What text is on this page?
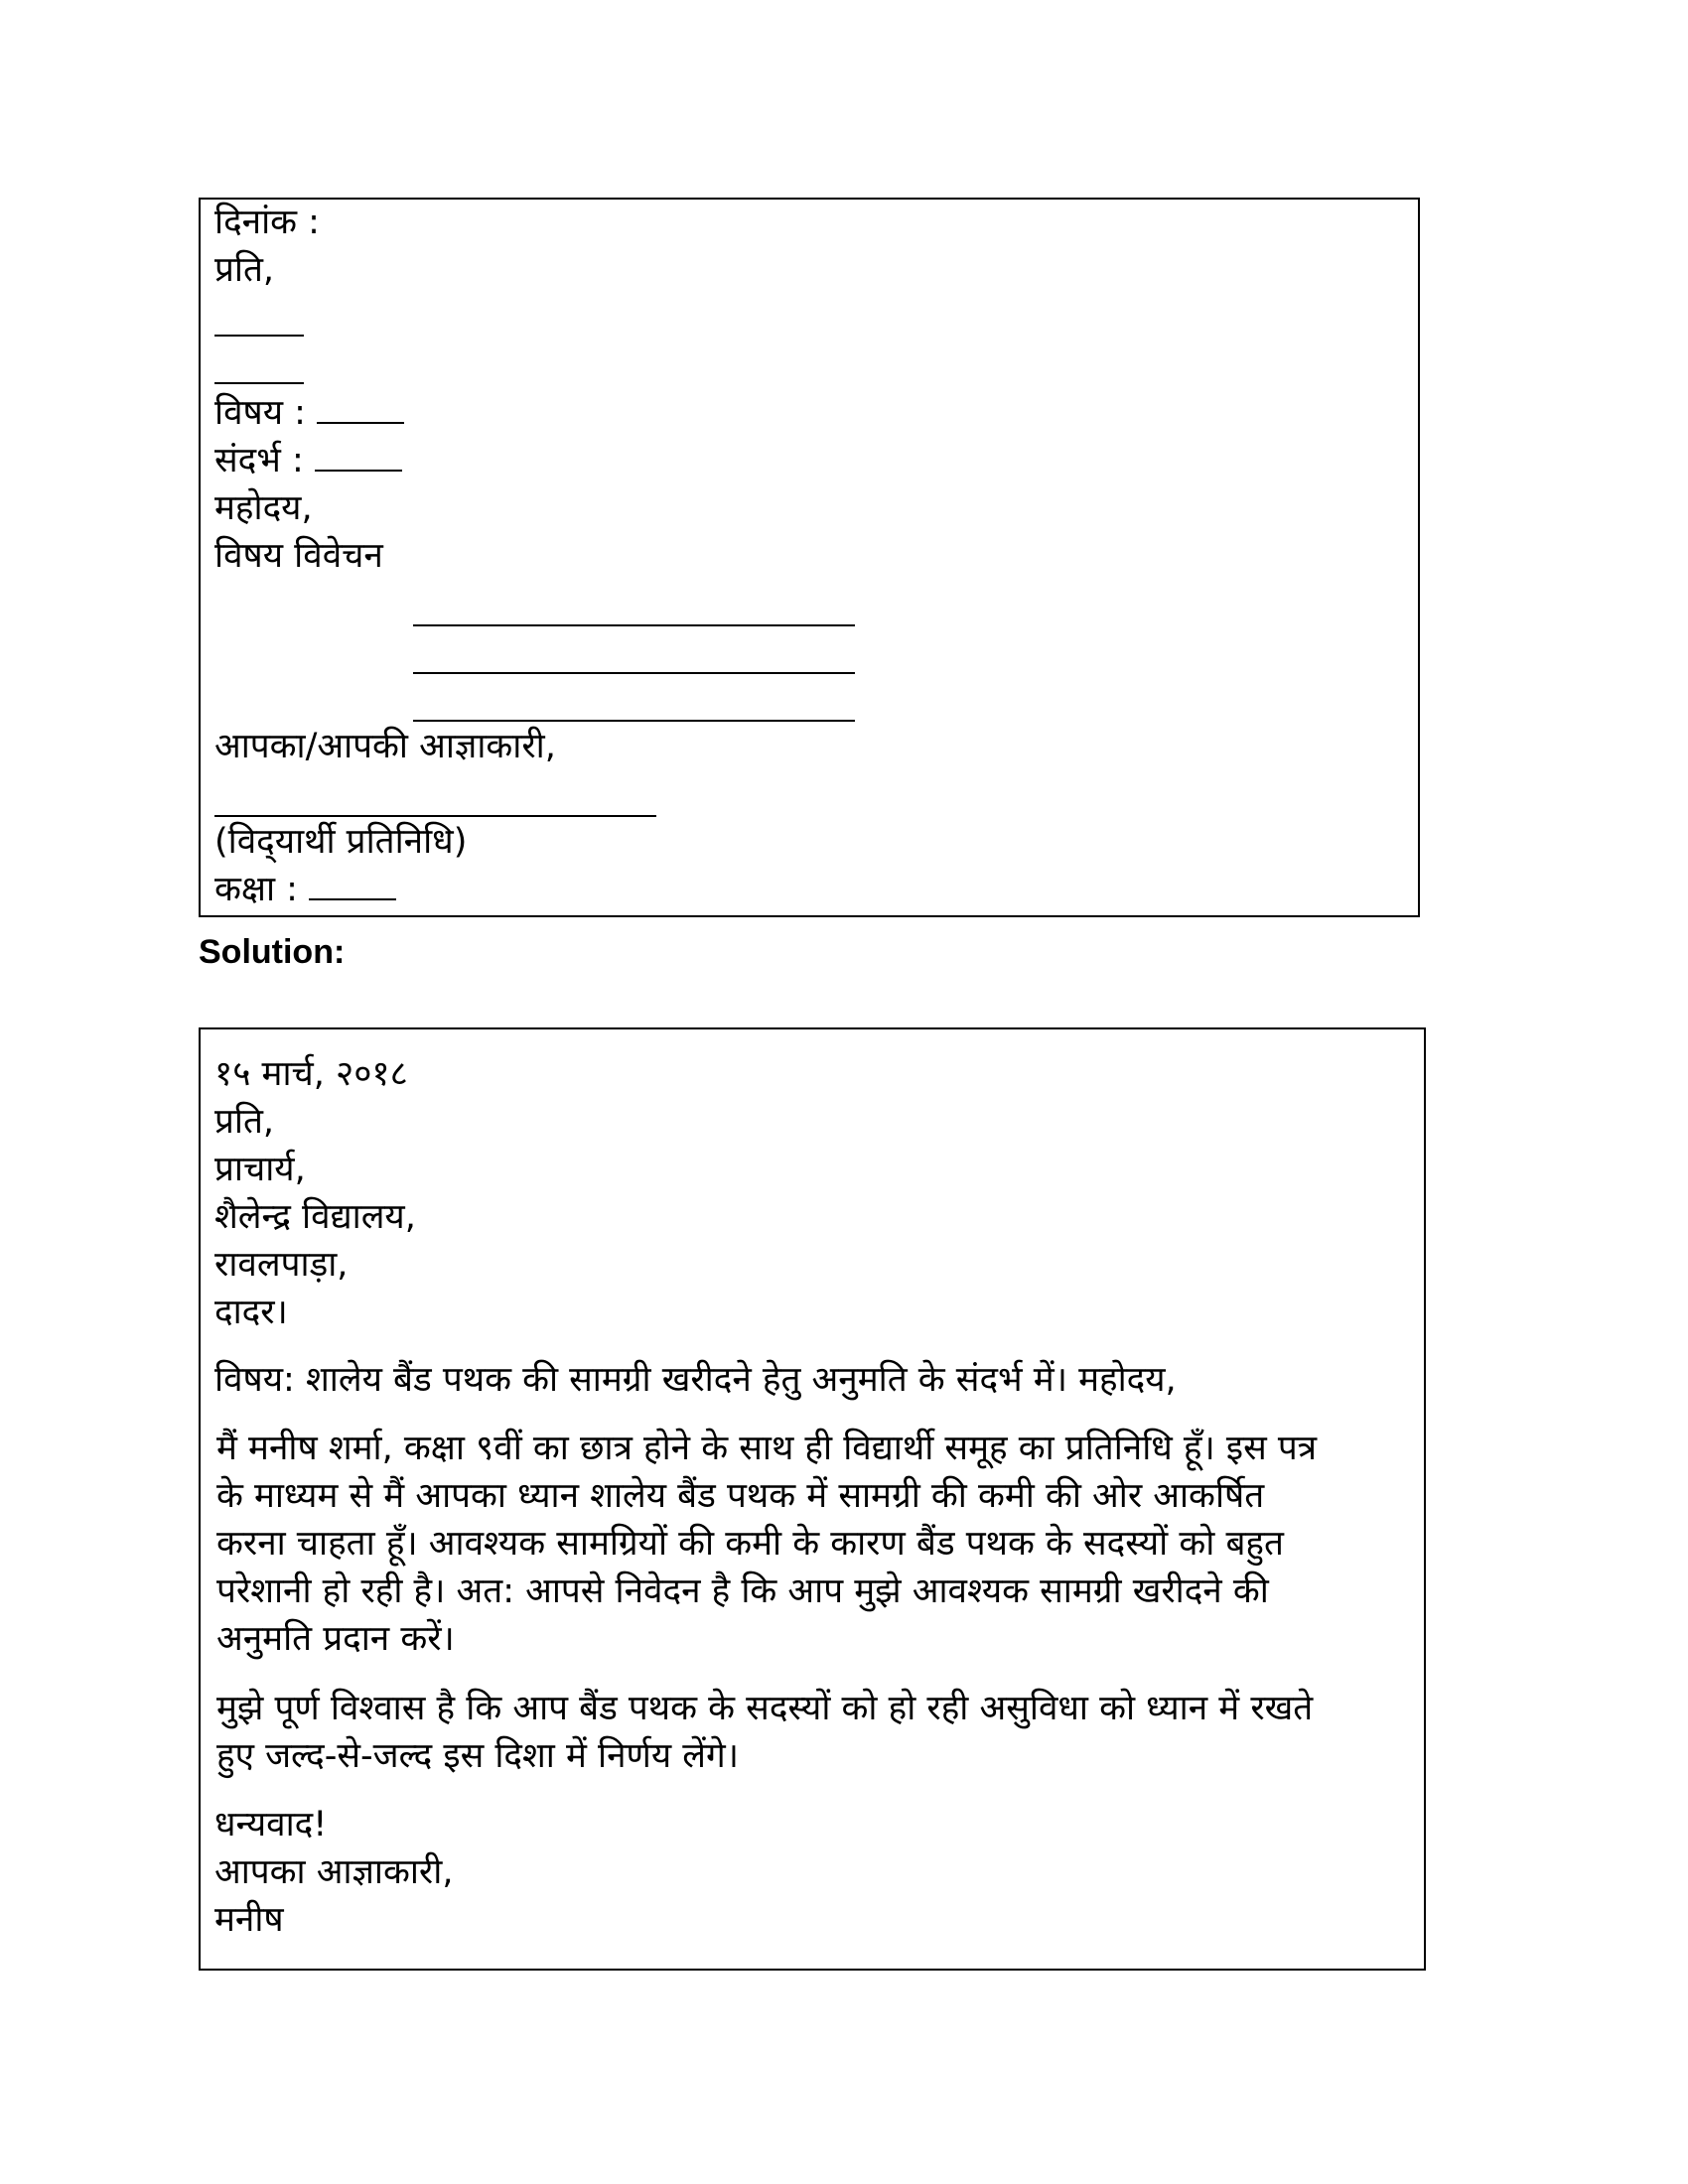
दिनांक :
प्रति,
विषय :
संदर्भ :
महोदय,
विषय विवेचन
आपका/आपकी आज्ञाकारी,
(विद्‌यार्थी प्रतिनिधि)
कक्षा :
Solution:
१५ मार्च, २०१८
प्रति,
प्राचार्य,
शैलेन्द्र विद्यालय,
रावलपाड़ा,
दादर।
विषय: शालेय बैंड पथक की सामग्री खरीदने हेतु अनुमति के संदर्भ में। महोदय,
मैं मनीष शर्मा, कक्षा ९वीं का छात्र होने के साथ ही विद्यार्थी समूह का प्रतिनिधि हूँ। इस पत्र
के माध्यम से मैं आपका ध्यान शालेय बैंड पथक में सामग्री की कमी की ओर आकर्षित
करना चाहता हूँ। आवश्यक सामग्रियों की कमी के कारण बैंड पथक के सदस्यों को बहुत
परेशानी हो रही है। अत: आपसे निवेदन है कि आप मुझे आवश्यक सामग्री खरीदने की
अनुमति प्रदान करें।
मुझे पूर्ण विश्वास है कि आप बैंड पथक के सदस्यों को हो रही असुविधा को ध्यान में रखते
हुए जल्द-से-जल्द इस दिशा में निर्णय लेंगे।
धन्यवाद!
आपका आज्ञाकारी,
मनीष
